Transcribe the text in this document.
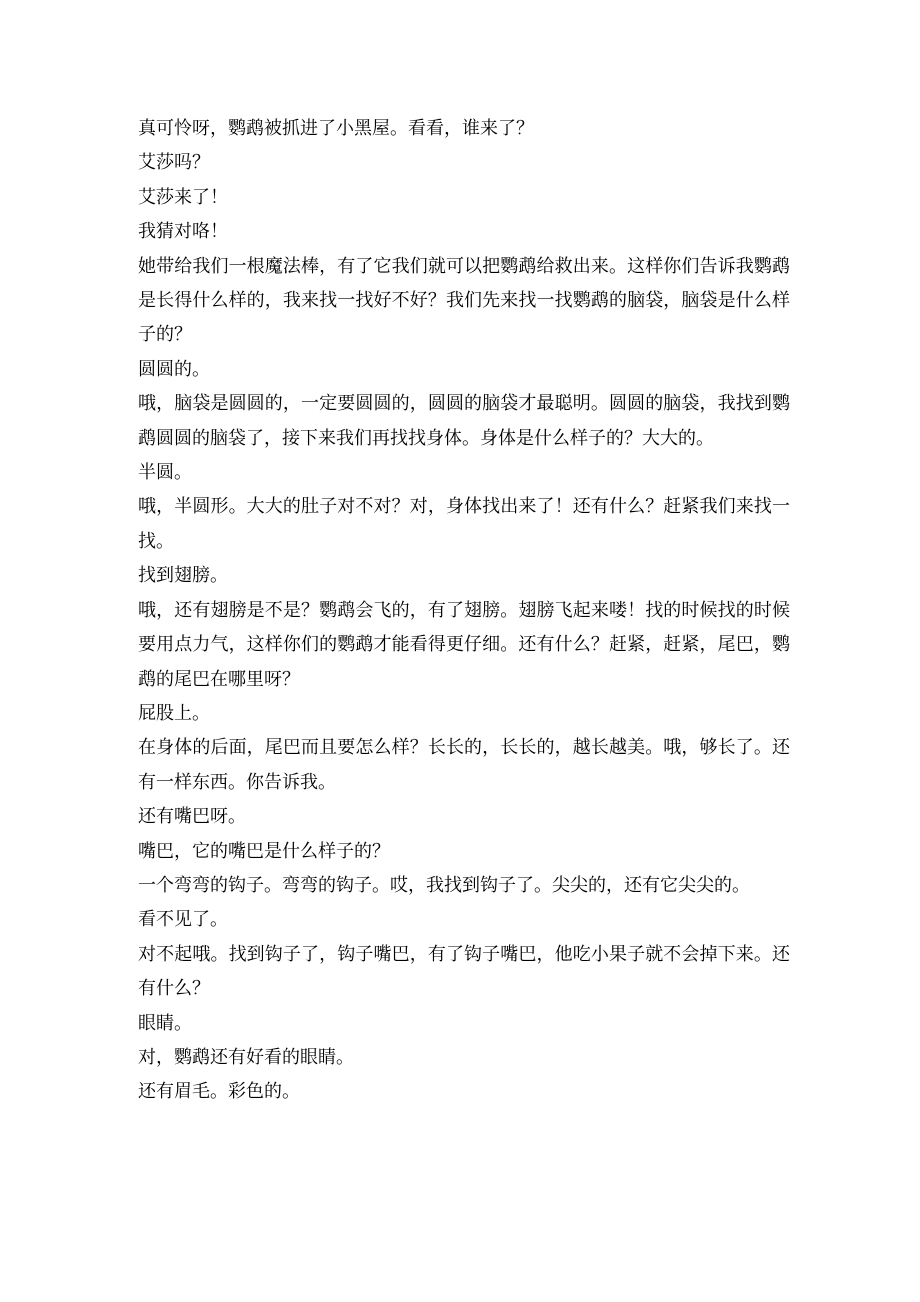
真可怜呀，鹦鹉被抓进了小黑屋。看看，谁来了？

艾莎吗？

艾莎来了！

我猜对咯！

她带给我们一根魔法棒，有了它我们就可以把鹦鹉给救出来。这样你们告诉我鹦鹉是长得什么样的，我来找一找好不好？我们先来找一找鹦鹉的脑袋，脑袋是什么样子的？

圆圆的。

哦，脑袋是圆圆的，一定要圆圆的，圆圆的脑袋才最聪明。圆圆的脑袋，我找到鹦鹉圆圆的脑袋了，接下来我们再找找身体。身体是什么样子的？大大的。

半圆。

哦，半圆形。大大的肚子对不对？对，身体找出来了！还有什么？赶紧我们来找一找。

找到翅膀。

哦，还有翅膀是不是？鹦鹉会飞的，有了翅膀。翅膀飞起来喽！找的时候找的时候要用点力气，这样你们的鹦鹉才能看得更仔细。还有什么？赶紧，赶紧，尾巴，鹦鹉的尾巴在哪里呀？

屁股上。

在身体的后面，尾巴而且要怎么样？长长的，长长的，越长越美。哦，够长了。还有一样东西。你告诉我。

还有嘴巴呀。

嘴巴，它的嘴巴是什么样子的？

一个弯弯的钩子。弯弯的钩子。哎，我找到钩子了。尖尖的，还有它尖尖的。

看不见了。

对不起哦。找到钩子了，钩子嘴巴，有了钩子嘴巴，他吃小果子就不会掉下来。还有什么？

眼睛。

对，鹦鹉还有好看的眼睛。

还有眉毛。彩色的。
